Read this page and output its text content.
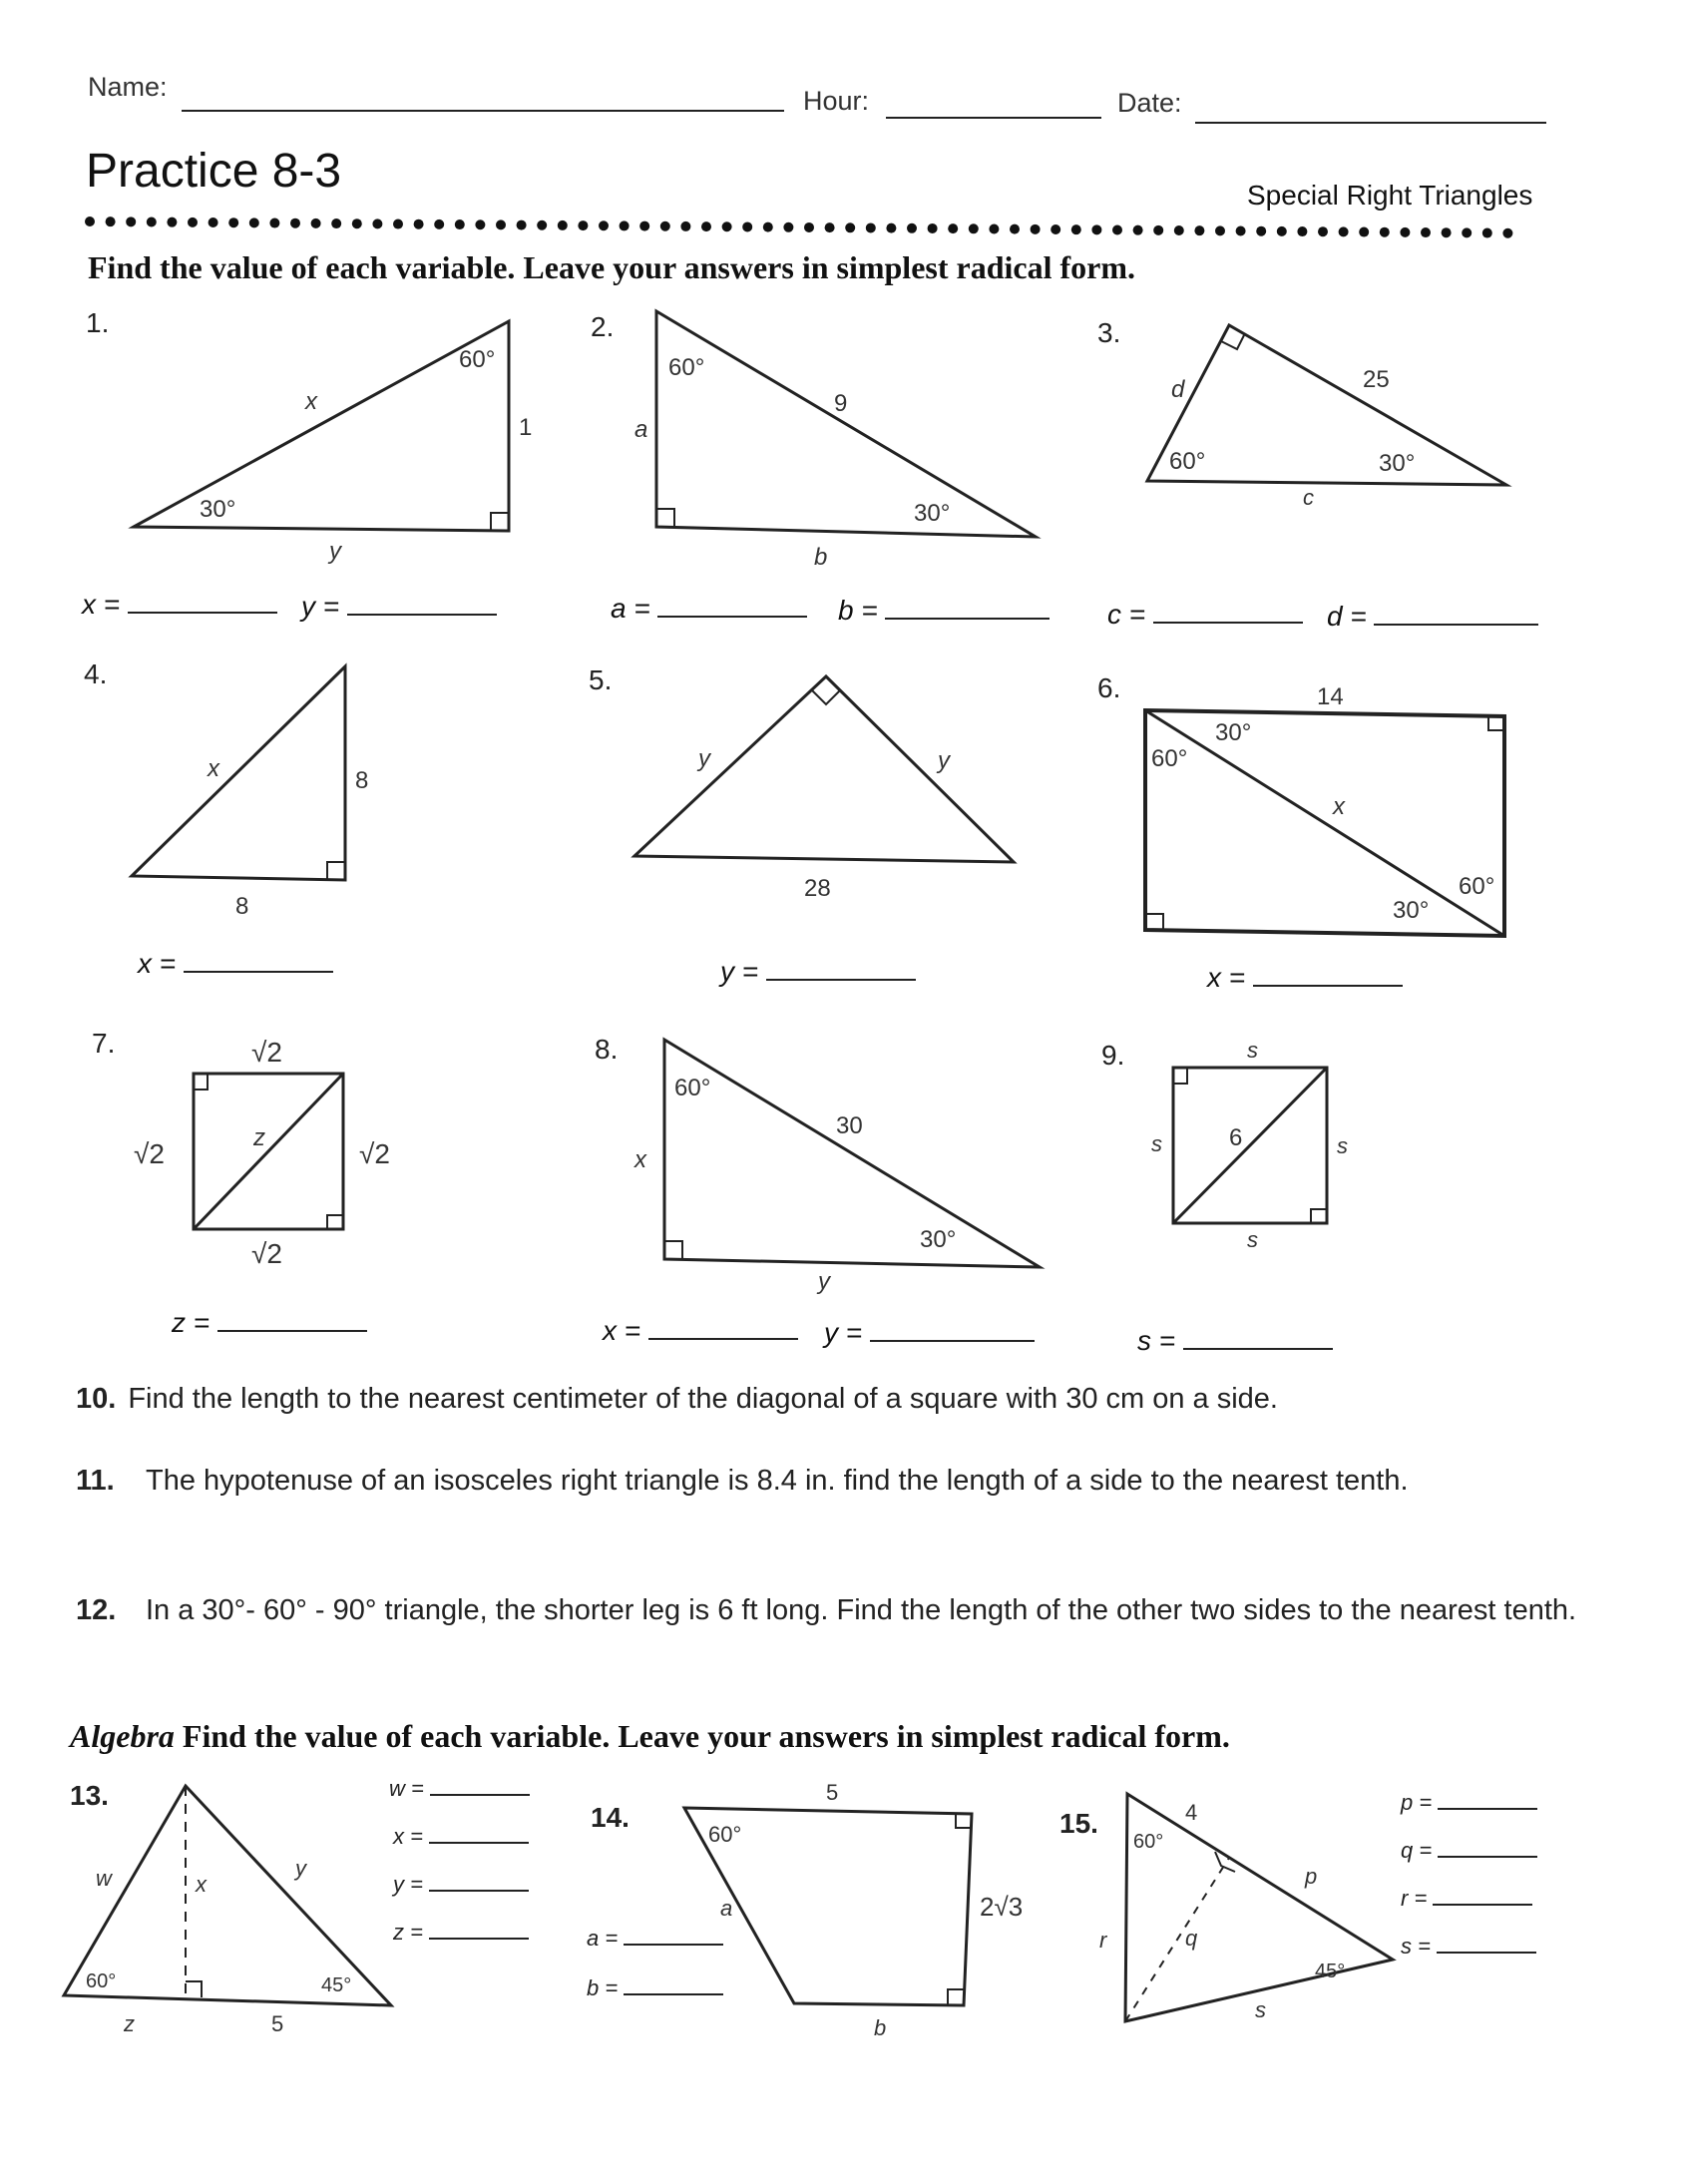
Name:	Hour:	Date:
Practice 8-3	Special Right Triangles
Find the value of each variable. Leave your answers in simplest radical form.
1.
60°
30°
x
1
y
x =	y =
2.
60°
30°
9
a
b
a =	b =
3.
d	25
60°	30°
c
c =	d =
4.
x	8
8
x =
5.
y	y
28
y =
6.	14
30°
60°
x
60°
30°
x =
7.	√2
√2	√2
√2
z
z =
8.
60°
30
x
30°
y
x =	y =
9.	s
s	s
s
6
s =
10. Find the length to the nearest centimeter of the diagonal of a square with 30 cm on a side.
11. The hypotenuse of an isosceles right triangle is 8.4 in. find the length of a side to the nearest tenth.
12. In a 30°- 60° - 90° triangle, the shorter leg is 6 ft long. Find the length of the other two sides to the nearest tenth.
Algebra Find the value of each variable. Leave your answers in simplest radical form.
13.
w	x
y
60°	45°
z	5
w =
x =
y =
z =
14.
5
60°
a	2√3
b
a =
b =
15.	4
60°
p
q
r
45°
s
p =
q =
r =
s =
